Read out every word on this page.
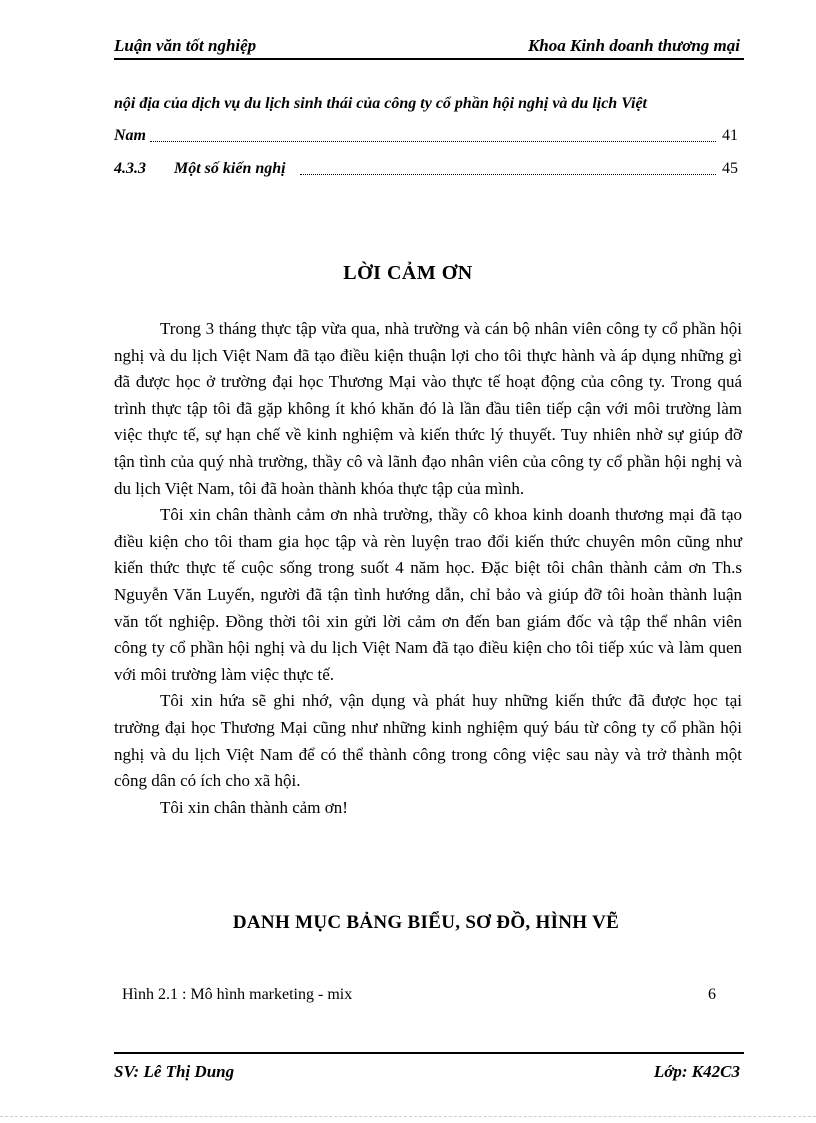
Luận văn tốt nghiệp	Khoa Kinh doanh thương mại
nội địa của dịch vụ du lịch sinh thái của công ty cổ phần hội nghị và du lịch Việt
Nam	41
4.3.3 Một số kiến nghị	45
LỜI CẢM ƠN

Trong 3 tháng thực tập vừa qua, nhà trường và cán bộ nhân viên công ty cổ phần hội nghị và du lịch Việt Nam đã tạo điều kiện thuận lợi cho tôi thực hành và áp dụng những gì đã được học ở trường đại học Thương Mại vào thực tế hoạt động của công ty. Trong quá trình thực tập tôi đã gặp không ít khó khăn đó là lần đầu tiên tiếp cận với môi trường làm việc thực tế, sự hạn chế về kinh nghiệm và kiến thức lý thuyết. Tuy nhiên nhờ sự giúp đỡ tận tình của quý nhà trường, thầy cô và lãnh đạo nhân viên của công ty cổ phần hội nghị và du lịch Việt Nam, tôi đã hoàn thành khóa thực tập của mình.

Tôi xin chân thành cảm ơn nhà trường, thầy cô khoa kinh doanh thương mại đã tạo điều kiện cho tôi tham gia học tập và rèn luyện trao đổi kiến thức chuyên môn cũng như kiến thức thực tế cuộc sống trong suốt 4 năm học. Đặc biệt tôi chân thành cảm ơn Th.s Nguyễn Văn Luyến, người đã tận tình hướng dẫn, chỉ bảo và giúp đỡ tôi hoàn thành luận văn tốt nghiệp. Đồng thời tôi xin gửi lời cảm ơn đến ban giám đốc và tập thể nhân viên công ty cổ phần hội nghị và du lịch Việt Nam đã tạo điều kiện cho tôi tiếp xúc và làm quen với môi trường làm việc thực tế.

Tôi xin hứa sẽ ghi nhớ, vận dụng và phát huy những kiến thức đã được học tại trường đại học Thương Mại cũng như những kinh nghiệm quý báu từ công ty cổ phần hội nghị và du lịch Việt Nam để có thể thành công trong công việc sau này và trở thành một công dân có ích cho xã hội.

Tôi xin chân thành cảm ơn!

DANH MỤC BẢNG BIỂU, SƠ ĐỒ, HÌNH VẼ
Hình 2.1 : Mô hình marketing - mix	6
SV: Lê Thị Dung	Lớp: K42C3
